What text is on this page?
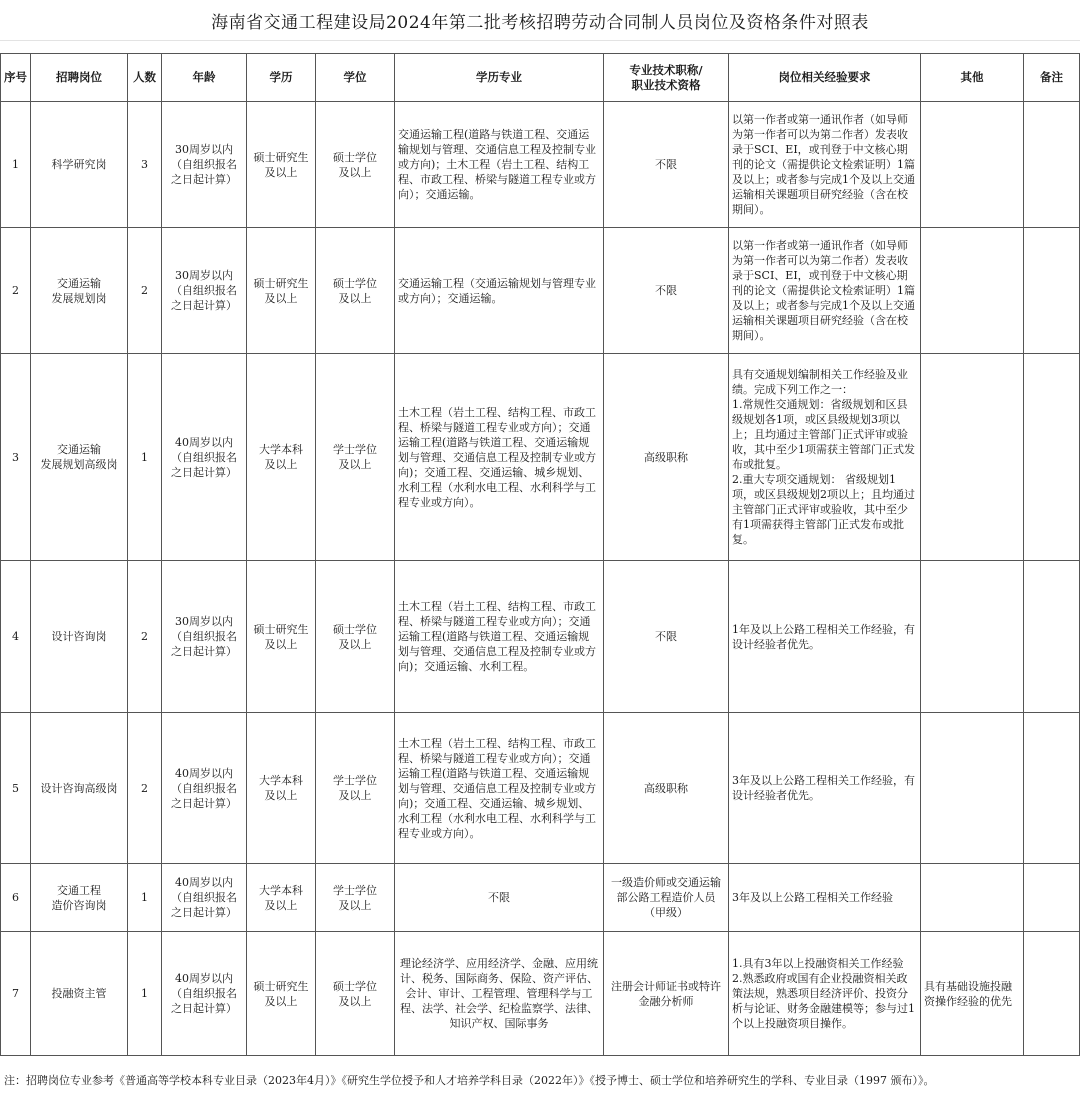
海南省交通工程建设局2024年第二批考核招聘劳动合同制人员岗位及资格条件对照表
序号	招聘岗位	人数	年龄	学历	学位	学历专业	专业技术职称/
职业技术资格	岗位相关经验要求	其他	备注
1	科学研究岗	3	30周岁以内
（自组织报名
之日起计算）	硕士研究生
及以上	硕士学位
及以上	交通运输工程(道路与铁道工程、交通运输规划与管理、交通信息工程及控制专业或方向)；土木工程（岩土工程、结构工程、市政工程、桥梁与隧道工程专业或方向）；交通运输。	不限	以第一作者或第一通讯作者（如导师为第一作者可以为第二作者）发表收录于SCI、EI，或刊登于中文核心期刊的论文（需提供论文检索证明）1篇及以上；或者参与完成1个及以上交通运输相关课题项目研究经验（含在校期间）。		
2	交通运输
发展规划岗	2	30周岁以内
（自组织报名
之日起计算）	硕士研究生
及以上	硕士学位
及以上	交通运输工程（交通运输规划与管理专业或方向）；交通运输。	不限	以第一作者或第一通讯作者（如导师为第一作者可以为第二作者）发表收录于SCI、EI，或刊登于中文核心期刊的论文（需提供论文检索证明）1篇及以上；或者参与完成1个及以上交通运输相关课题项目研究经验（含在校期间）。		
3	交通运输
发展规划高级岗	1	40周岁以内
（自组织报名
之日起计算）	大学本科
及以上	学士学位
及以上	土木工程（岩土工程、结构工程、市政工程、桥梁与隧道工程专业或方向）；交通运输工程(道路与铁道工程、交通运输规划与管理、交通信息工程及控制专业或方向)；交通工程、交通运输、城乡规划、水利工程（水利水电工程、水利科学与工程专业或方向）。	高级职称	具有交通规划编制相关工作经验及业绩。完成下列工作之一：
1.常规性交通规划：省级规划和区县级规划各1项，或区县级规划3项以上；且均通过主管部门正式评审或验收，其中至少1项需获主管部门正式发布或批复。
2.重大专项交通规划： 省级规划1项，或区县级规划2项以上；且均通过主管部门正式评审或验收，其中至少有1项需获得主管部门正式发布或批复。		
4	设计咨询岗	2	30周岁以内
（自组织报名
之日起计算）	硕士研究生
及以上	硕士学位
及以上	土木工程（岩土工程、结构工程、市政工程、桥梁与隧道工程专业或方向）；交通运输工程(道路与铁道工程、交通运输规划与管理、交通信息工程及控制专业或方向)；交通运输、水利工程。	不限	1年及以上公路工程相关工作经验，有设计经验者优先。		
5	设计咨询高级岗	2	40周岁以内
（自组织报名
之日起计算）	大学本科
及以上	学士学位
及以上	土木工程（岩土工程、结构工程、市政工程、桥梁与隧道工程专业或方向）；交通运输工程(道路与铁道工程、交通运输规划与管理、交通信息工程及控制专业或方向)；交通工程、交通运输、城乡规划、水利工程（水利水电工程、水利科学与工程专业或方向）。	高级职称	3年及以上公路工程相关工作经验，有设计经验者优先。		
6	交通工程
造价咨询岗	1	40周岁以内
（自组织报名
之日起计算）	大学本科
及以上	学士学位
及以上	不限	一级造价师或交通运输部公路工程造价人员（甲级）	3年及以上公路工程相关工作经验		
7	投融资主管	1	40周岁以内
（自组织报名
之日起计算）	硕士研究生
及以上	硕士学位
及以上	理论经济学、应用经济学、金融、应用统计、税务、国际商务、保险、资产评估、会计、审计、工程管理、管理科学与工程、法学、社会学、纪检监察学、法律、知识产权、国际事务	注册会计师证书或特许金融分析师	1.具有3年以上投融资相关工作经验
2.熟悉政府或国有企业投融资相关政策法规，熟悉项目经济评价、投资分析与论证、财务金融建模等；参与过1个以上投融资项目操作。	具有基础设施投融资操作经验的优先	
注：招聘岗位专业参考《普通高等学校本科专业目录（2023年4月）》《研究生学位授予和人才培养学科目录（2022年）》《授予博士、硕士学位和培养研究生的学科、专业目录（1997 颁布）》。
